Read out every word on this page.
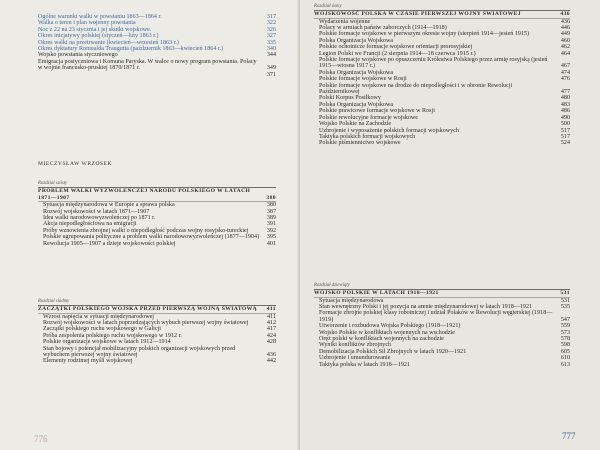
Ogólne warunki walki w powstaniu 1863—1864 r.	317
Walka o teren i plan wojenny powstania	322
Noc z 22 na 23 stycznia i jej skutki wojskowe.	326
Okres inicjatywy polskiej (styczeń—luty 1863 r.)	327
Okres walki na przetrwanie (kwiecień—wrzesień 1863 r.)	335
Okres dyktatury Romualda Traugutta (październik 1863—kwiecień 1864 r.)	340
Wojsko powstania styczniowego	344
Emigracja postyczniowa i Komuna Paryska. W walce o nowy program powstania. Polacy w wojnie francusko-pruskiej 1870/1871 r.	349
371
MIECZYSŁAW WRZOSEK
Rozdział szósty
PROBLEM WALKI WYZWOLEŃCZEJ NARODU POLSKIEGO W LATACH 1871—1907	380
Sytuacja międzynarodowa w Europie a sprawa polska	380
Rozwój wojskowości w latach 1871—1907	387
Idea walki narodowowyzwoleńczej po 1871 r.	389
Akcja niepodległościowa na emigracji	391
Próby wznowienia zbrojnej walki o niepodległość podczas wojny rosyjsko-tureckiej	392
Polskie ugrupowania polityczne a problem walki narodowowyzwoleńczej (1877—1904)	395
Rewolucja 1905—1907 a dzieje wojskowości polskiej	401
Rozdział siódmy
ZACZĄTKI POLSKIEGO WOJSKA PRZED PIERWSZĄ WOJNĄ ŚWIATOWĄ	411
Wzrost napięcia w sytuacji międzynarodowej	411
Rozwój wojskowości w latach poprzedzających wybuch pierwszej wojny światowej	412
Zaczątki polskiego ruchu wojskowego w Galicji	417
Próba zespolenia polskiego ruchu wojskowego w 1912 r.	424
Polskie organizacje wojskowe w latach 1912—1914	428
Stan bojowy i potencjał mobilizacyjny polskich organizacji wojskowych przed wybuchem pierwszej wojny światowej	436
Elementy rodzimej myśli wojskowej	442
776
Rozdział ósmy
WOJSKOWOŚĆ POLSKA W CZASIE PIERWSZEJ WOJNY ŚWIATOWEJ	436
Wydarzenia wojenne	436
Polacy w armiach państw zaborczych (1914—1918)	446
Polskie formacje wojskowe w pierwszym okresie wojny (sierpień 1914—jesień 1915)	449
Polska Organizacja Wojskowa	460
Polskie ochotnicze formacje wojskowe orientacji prorosyjskiej	462
Legion Polski we Francji (2 sierpnia 1914—18 czerwca 1915 r.)	464
Polskie formacje wojskowe po opuszczeniu Królestwa Polskiego przez armię rosyjską (jesień 1915—wiosna 1917 r.)	467
Polska Organizacja Wojskowa	474
Polskie formacje wojskowe w Rosji	476
Polskie formacje wojskowe na drodze do niepodległości i w obronie Rewolucji Październikowej	477
Polski Korpus Posiłkowy	480
Polska Organizacja Wojskowa	483
Polskie prawicowe formacje wojskowe w Rosji	486
Polskie rewolucyjne formacje wojskowe	490
Wojsko Polskie na Zachodzie	500
Uzbrojenie i wyposażenie polskich formacji wojskowych	517
Taktyka polskich formacji wojskowych	517
Polskie piśmiennictwo wojskowe	524
Rozdział dziewiąty
WOJSKO POLSKIE W LATACH 1918—1921	531
Sytuacja międzynarodowa	531
Stan wewnętrzny Polski i jej pozycja na arenie międzynarodowej w latach 1918—1921	535
Formacje zbrojne polskiej klasy robotniczej i udział Polaków w Rewolucji węgierskiej (1918—1919)	547
Utworzenie i rozbudowa Wojska Polskiego (1918—1921)	559
Wojsko Polskie w konfliktach wojennych na wschodzie	573
Oręż polski w konfliktach wojennych na zachodzie	578
Wyniki konfliktów zbrojnych	598
Demobilizacja Polskich Sił Zbrojnych w latach 1920—1921	605
Uzbrojenie i umundurowanie	610
Taktyka polska w latach 1918—1921	613
777
